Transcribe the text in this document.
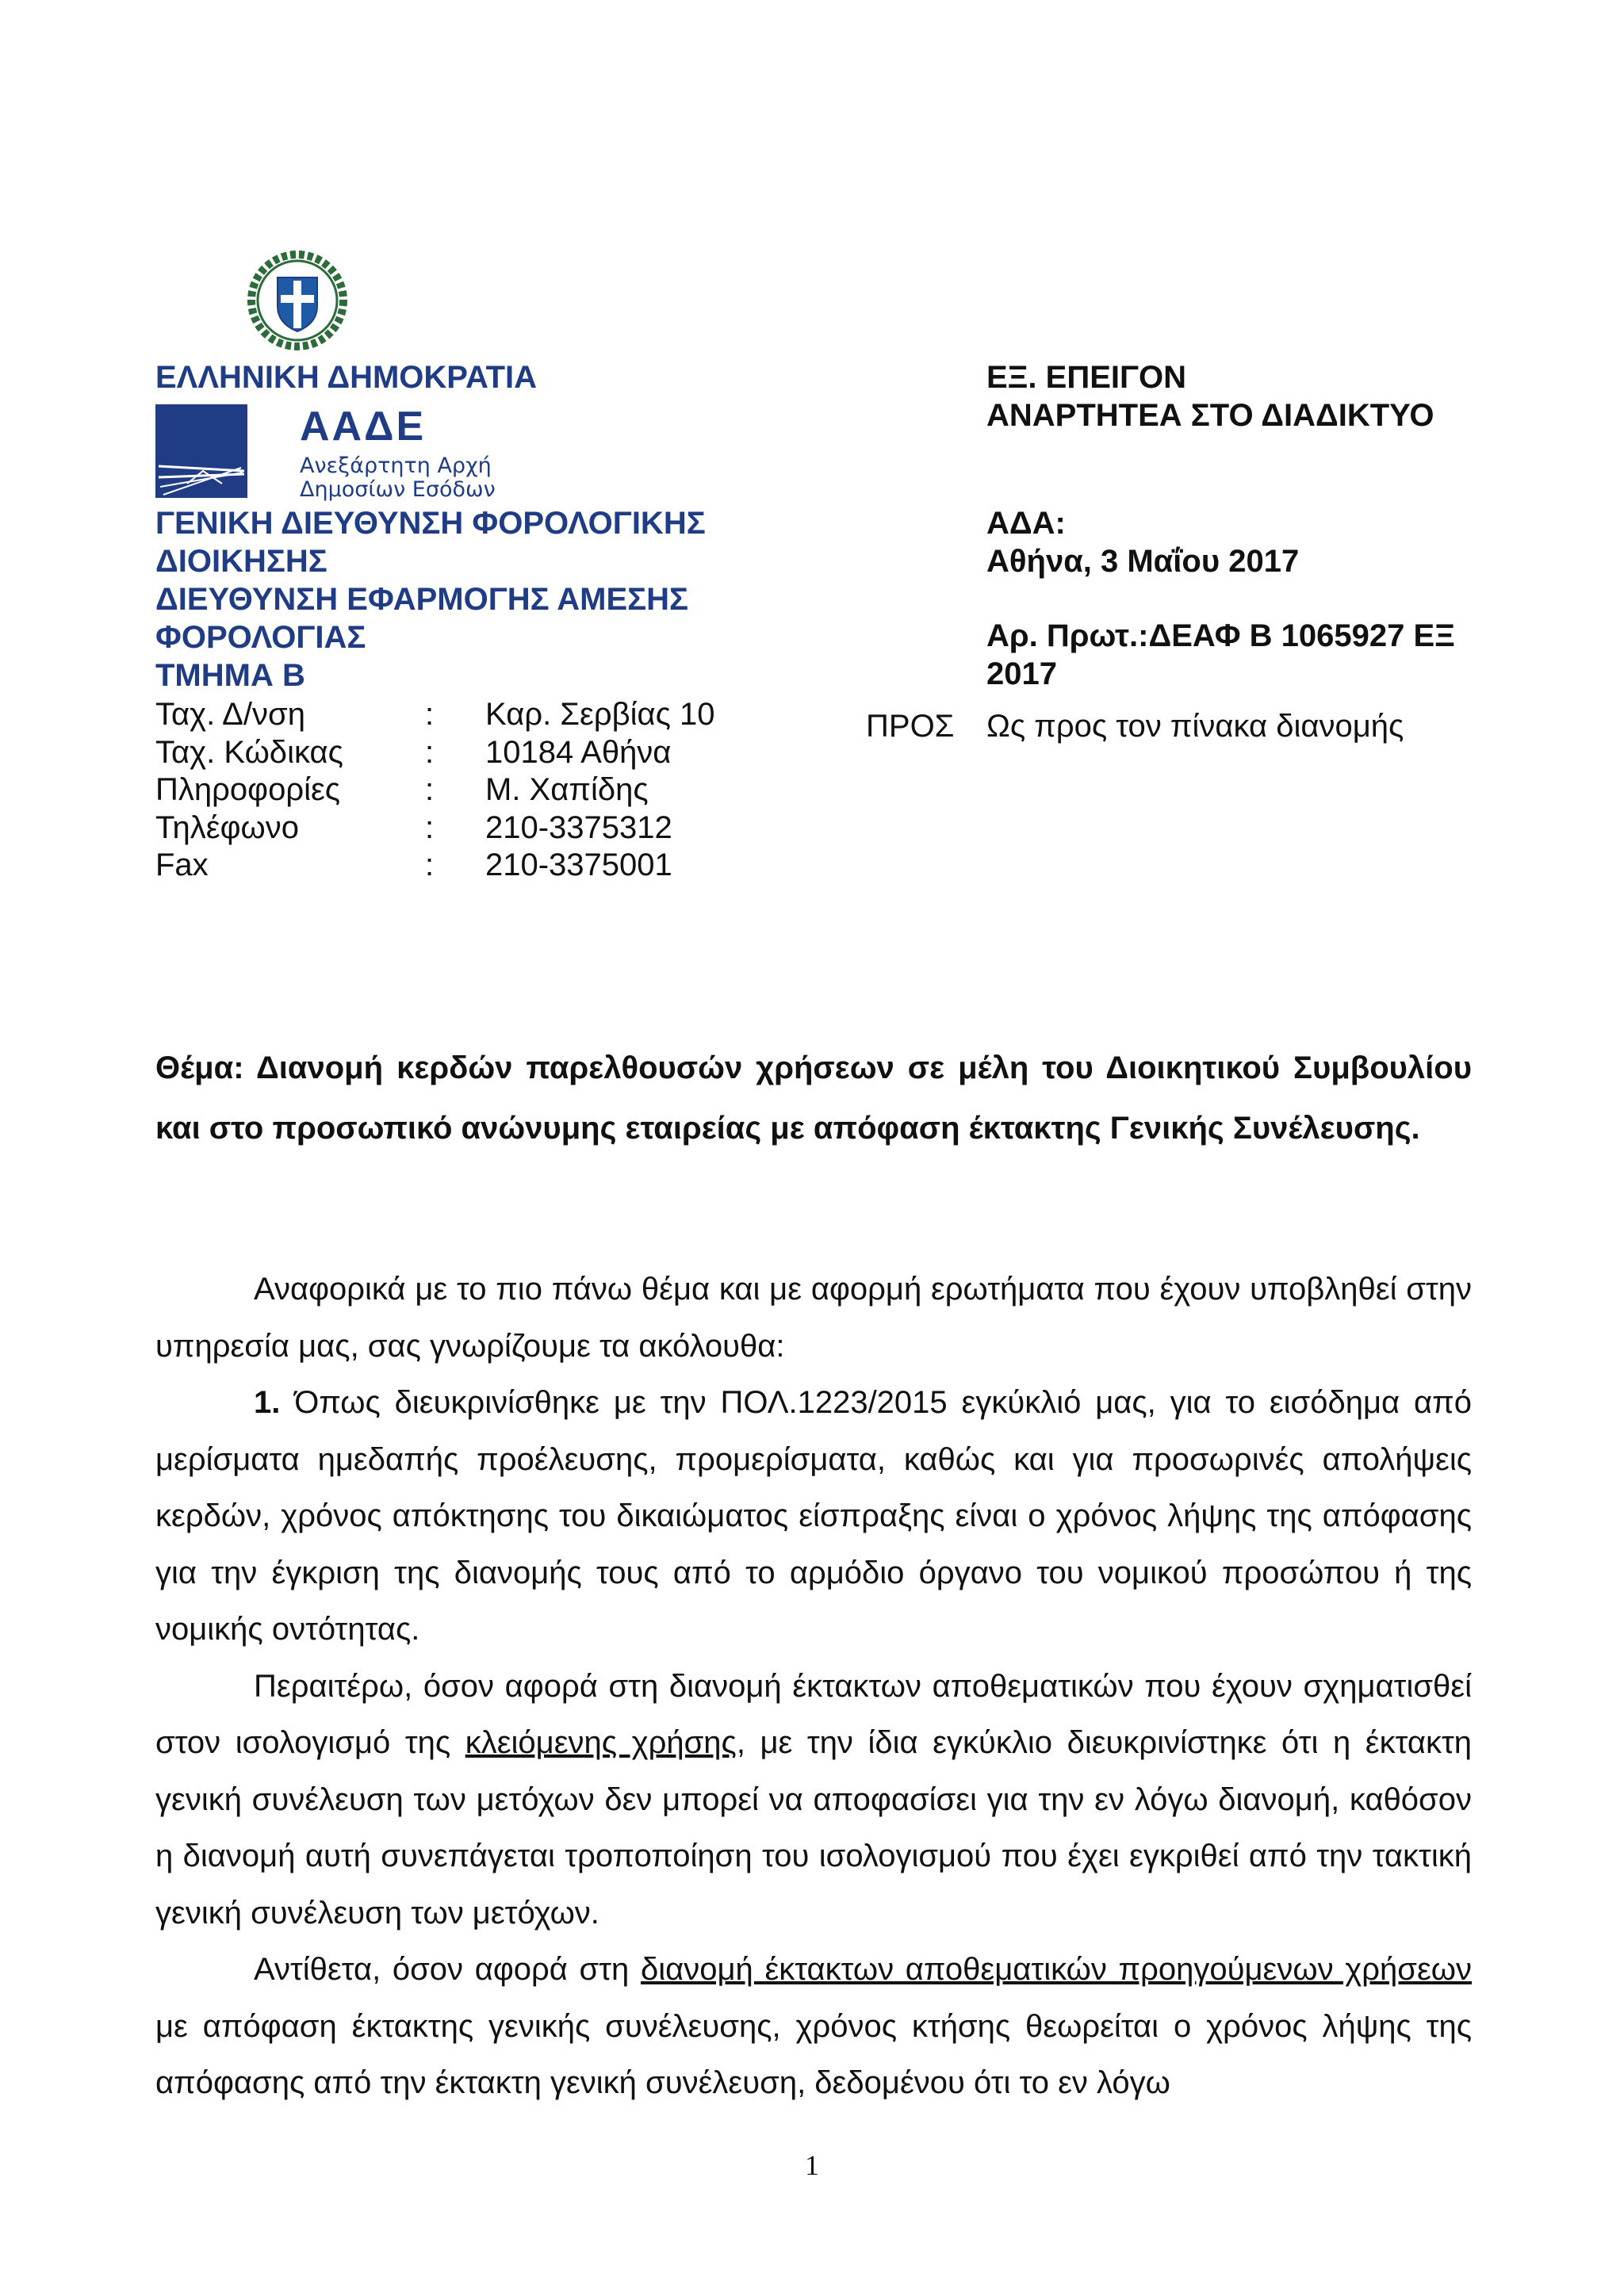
ΕΛΛΗΝΙΚΗ ΔΗΜΟΚΡΑΤΙΑ
ΑΑΔΕ
Ανεξάρτητη Αρχή
Δημοσίων Εσόδων
ΓΕΝΙΚΗ ΔΙΕΥΘΥΝΣΗ ΦΟΡΟΛΟΓΙΚΗΣ
ΔΙΟΙΚΗΣΗΣ
ΔΙΕΥΘΥΝΣΗ ΕΦΑΡΜΟΓΗΣ ΑΜΕΣΗΣ
ΦΟΡΟΛΟΓΙΑΣ
ΤΜΗΜΑ Β
Ταχ. Δ/νση	:	Καρ. Σερβίας 10
Ταχ. Κώδικας	:	10184 Αθήνα
Πληροφορίες	:	Μ. Χαπίδης
Τηλέφωνο	:	210-3375312
Fax	:	210-3375001
ΕΞ. ΕΠΕΙΓΟΝ
ΑΝΑΡΤΗΤΕΑ ΣΤΟ ΔΙΑΔΙΚΤΥΟ
ΑΔΑ:
Αθήνα, 3 Μαΐου 2017
Αρ. Πρωτ.:ΔΕΑΦ Β 1065927 ΕΞ 2017
ΠΡΟΣ Ως προς τον πίνακα διανομής
Θέμα: Διανομή κερδών παρελθουσών χρήσεων σε μέλη του Διοικητικού Συμβουλίου και στο προσωπικό ανώνυμης εταιρείας με απόφαση έκτακτης Γενικής Συνέλευσης.

Αναφορικά με το πιο πάνω θέμα και με αφορμή ερωτήματα που έχουν υποβληθεί στην υπηρεσία μας, σας γνωρίζουμε τα ακόλουθα:

1. Όπως διευκρινίσθηκε με την ΠΟΛ.1223/2015 εγκύκλιό μας, για το εισόδημα από μερίσματα ημεδαπής προέλευσης, προμερίσματα, καθώς και για προσωρινές απολήψεις κερδών, χρόνος απόκτησης του δικαιώματος είσπραξης είναι ο χρόνος λήψης της απόφασης για την έγκριση της διανομής τους από το αρμόδιο όργανο του νομικού προσώπου ή της νομικής οντότητας.

Περαιτέρω, όσον αφορά στη διανομή έκτακτων αποθεματικών που έχουν σχηματισθεί στον ισολογισμό της κλειόμενης χρήσης, με την ίδια εγκύκλιο διευκρινίστηκε ότι η έκτακτη γενική συνέλευση των μετόχων δεν μπορεί να αποφασίσει για την εν λόγω διανομή, καθόσον η διανομή αυτή συνεπάγεται τροποποίηση του ισολογισμού που έχει εγκριθεί από την τακτική γενική συνέλευση των μετόχων.

Αντίθετα, όσον αφορά στη διανομή έκτακτων αποθεματικών προηγούμενων χρήσεων με απόφαση έκτακτης γενικής συνέλευσης, χρόνος κτήσης θεωρείται ο χρόνος λήψης της απόφασης από την έκτακτη γενική συνέλευση, δεδομένου ότι το εν λόγω

1
